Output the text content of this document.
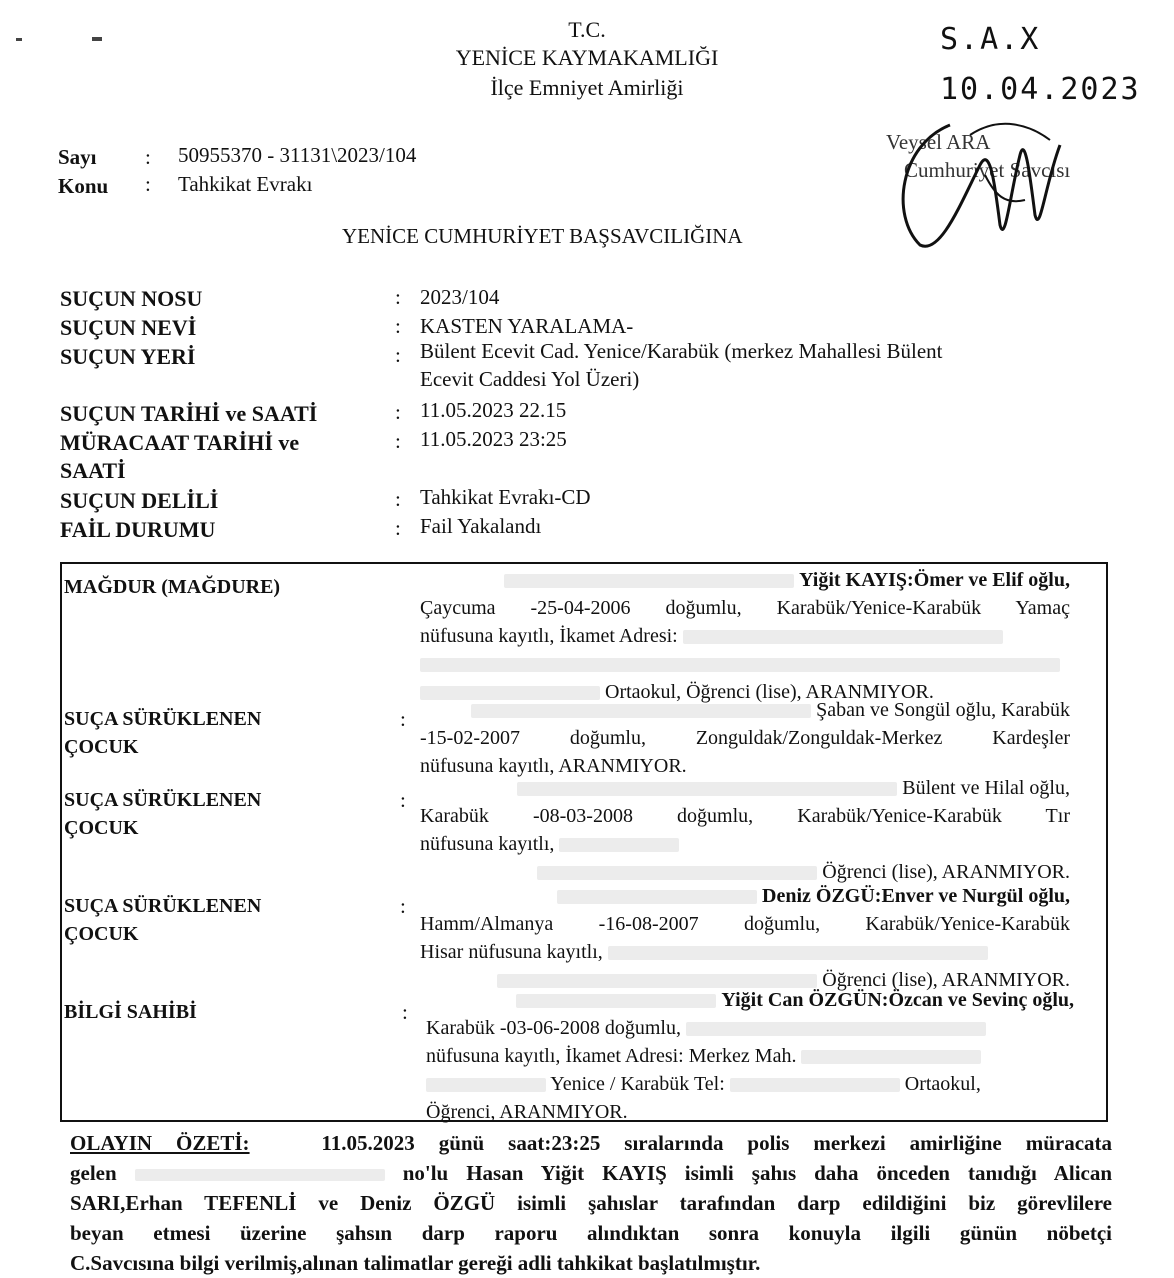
T.C.
YENİCE KAYMAKAMLIĞI
İlçe Emniyet Amirliği
S.A.X
10.04.2023
Veysel ARA
Cumhuriyet Savcısı
Sayı : 50955370 - 31131\2023/104
Konu : Tahkikat Evrakı
YENİCE CUMHURİYET BAŞSAVCILIĞINA
SUÇUN NOSU	: 2023/104
SUÇUN NEVİ	: KASTEN YARALAMA-
SUÇUN YERİ	: Bülent Ecevit Cad. Yenice/Karabük (merkez Mahallesi Bülent
Ecevit Caddesi Yol Üzeri)
SUÇUN TARİHİ ve SAATİ	: 11.05.2023 22.15
MÜRACAAT TARİHİ ve
SAATİ
: 11.05.2023 23:25
SUÇUN DELİLİ	: Tahkikat Evrakı-CD
FAİL DURUMU	: Fail Yakalandı
MAĞDUR (MAĞDURE)	Yiğit KAYIŞ:Ömer ve Elif oğlu,
Çaycuma -25-04-2006 doğumlu, Karabük/Yenice-Karabük Yamaç
nüfusuna kayıtlı, İkamet Adresi:
Ortaokul, Öğrenci (lise), ARANMIYOR.
SUÇA SÜRÜKLENEN
ÇOCUK
:	Şaban ve Songül oğlu, Karabük
-15-02-2007 doğumlu, Zonguldak/Zonguldak-Merkez Kardeşler
nüfusuna kayıtlı, ARANMIYOR.
SUÇA SÜRÜKLENEN
ÇOCUK
:	Bülent ve Hilal oğlu,
Karabük -08-03-2008 doğumlu, Karabük/Yenice-Karabük Tır
nüfusuna kayıtlı,
Öğrenci (lise), ARANMIYOR.
SUÇA SÜRÜKLENEN
ÇOCUK
:	Deniz ÖZGÜ:Enver ve Nurgül oğlu,
Hamm/Almanya -16-08-2007 doğumlu, Karabük/Yenice-Karabük
Hisar nüfusuna kayıtlı,
Öğrenci (lise), ARANMIYOR.
BİLGİ SAHİBİ	:	Yiğit Can ÖZGÜN:Özcan ve Sevinç oğlu,
Karabük -03-06-2008 doğumlu,
nüfusuna kayıtlı, İkamet Adresi: Merkez Mah.
Yenice / Karabük Tel:	Ortaokul,
Öğrenci, ARANMIYOR.
OLAYIN ÖZETİ:	11.05.2023 günü saat:23:25 sıralarında polis merkezi amirliğine müracata
gelen	no'lu Hasan Yiğit KAYIŞ isimli şahıs daha önceden tanıdığı Alican
SARI,Erhan TEFENLİ ve Deniz ÖZGÜ isimli şahıslar tarafından darp edildiğini biz görevlilere
beyan etmesi üzerine şahsın darp raporu alındıktan sonra konuyla ilgili günün nöbetçi
C.Savcısına bilgi verilmiş,alınan talimatlar gereği adli tahkikat başlatılmıştır.
